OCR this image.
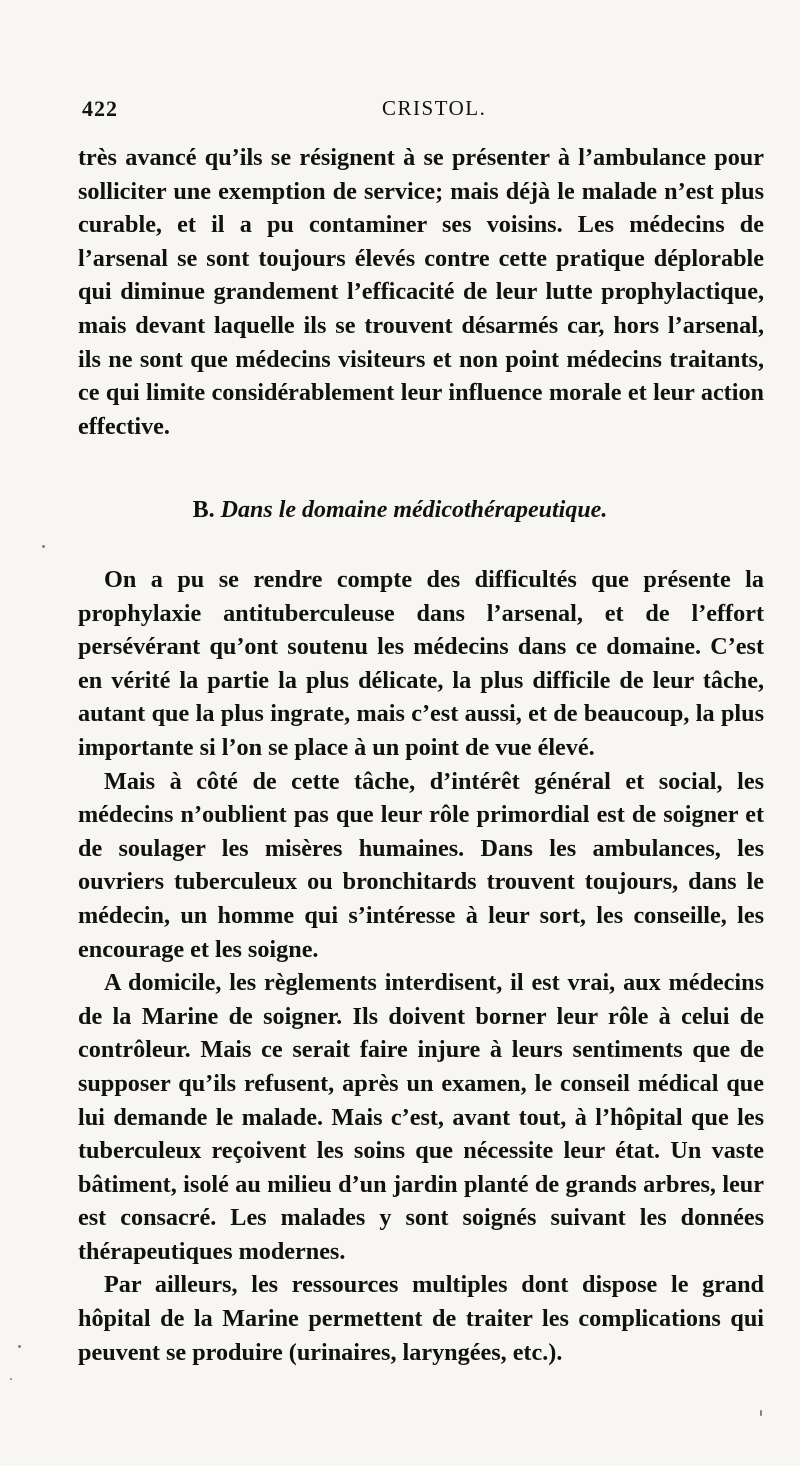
422	CRISTOL.

très avancé qu’ils se résignent à se présenter à l’ambulance pour solliciter une exemption de service; mais déjà le malade n’est plus curable, et il a pu contaminer ses voisins. Les médecins de l’arsenal se sont toujours élevés contre cette pratique déplorable qui diminue grandement l’efficacité de leur lutte prophylactique, mais devant laquelle ils se trouvent désarmés car, hors l’arsenal, ils ne sont que médecins visiteurs et non point médecins traitants, ce qui limite considérablement leur influence morale et leur action effective.

B. Dans le domaine médicothérapeutique.

On a pu se rendre compte des difficultés que présente la prophylaxie antituberculeuse dans l’arsenal, et de l’effort persévérant qu’ont soutenu les médecins dans ce domaine. C’est en vérité la partie la plus délicate, la plus difficile de leur tâche, autant que la plus ingrate, mais c’est aussi, et de beaucoup, la plus importante si l’on se place à un point de vue élevé.

Mais à côté de cette tâche, d’intérêt général et social, les médecins n’oublient pas que leur rôle primordial est de soigner et de soulager les misères humaines. Dans les ambulances, les ouvriers tuberculeux ou bronchitards trouvent toujours, dans le médecin, un homme qui s’intéresse à leur sort, les conseille, les encourage et les soigne.

A domicile, les règlements interdisent, il est vrai, aux médecins de la Marine de soigner. Ils doivent borner leur rôle à celui de contrôleur. Mais ce serait faire injure à leurs sentiments que de supposer qu’ils refusent, après un examen, le conseil médical que lui demande le malade. Mais c’est, avant tout, à l’hôpital que les tuberculeux reçoivent les soins que nécessite leur état. Un vaste bâtiment, isolé au milieu d’un jardin planté de grands arbres, leur est consacré. Les malades y sont soignés suivant les données thérapeutiques modernes.

Par ailleurs, les ressources multiples dont dispose le grand hôpital de la Marine permettent de traiter les complications qui peuvent se produire (urinaires, laryngées, etc.).
